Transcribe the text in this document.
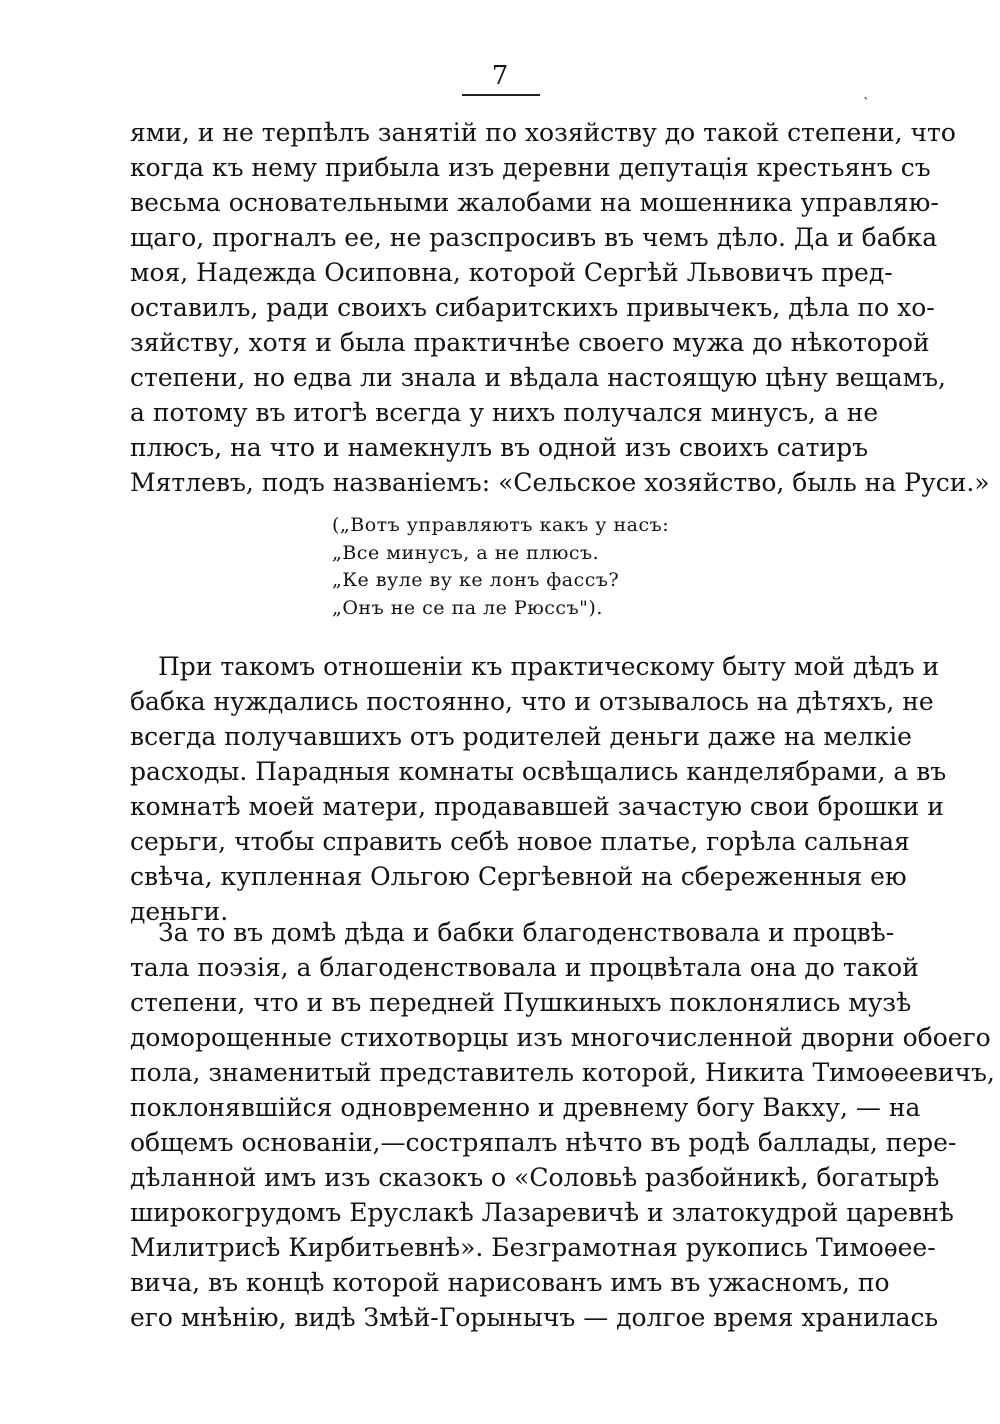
7
`
ями, и не терпѣлъ занятій по хозяйству до такой степени, что
когда къ нему прибыла изъ деревни депутація крестьянъ съ
весьма основательными жалобами на мошенника управляю-
щаго, прогналъ ее, не разспросивъ въ чемъ дѣло. Да и бабка
моя, Надежда Осиповна, которой Сергѣй Львовичъ пред-
оставилъ, ради своихъ сибаритскихъ привычекъ, дѣла по хо-
зяйству, хотя и была практичнѣе своего мужа до нѣкоторой
степени, но едва ли знала и вѣдала настоящую цѣну вещамъ,
а потому въ итогѣ всегда у нихъ получался минусъ, а не
плюсъ, на что и намекнулъ въ одной изъ своихъ сатиръ
Мятлевъ, подъ названіемъ: «Сельское хозяйство, быль на Руси.»
(„Вотъ управляютъ какъ у насъ:
„Все минусъ, а не плюсъ.
„Ке вуле ву ке лонъ фассъ?
„Онъ не се па ле Рюссъ").
При такомъ отношеніи къ практическому быту мой дѣдъ и
бабка нуждались постоянно, что и отзывалось на дѣтяхъ, не
всегда получавшихъ отъ родителей деньги даже на мелкіе
расходы. Парадныя комнаты освѣщались канделябрами, а въ
комнатѣ моей матери, продававшей зачастую свои брошки и
серьги, чтобы справить себѣ новое платье, горѣла сальная
свѣча, купленная Ольгою Сергѣевной на сбереженныя ею
деньги.
За то въ домѣ дѣда и бабки благоденствовала и процвѣ-
тала поэзія, а благоденствовала и процвѣтала она до такой
степени, что и въ передней Пушкиныхъ поклонялись музѣ
доморощенные стихотворцы изъ многочисленной дворни обоего
пола, знаменитый представитель которой, Никита Тимоѳеевичъ,
поклонявшійся одновременно и древнему богу Вакху, — на
общемъ основаніи,—состряпалъ нѣчто въ родѣ баллады, пере-
дѣланной имъ изъ сказокъ о «Соловьѣ разбойникѣ, богатырѣ
широкогрудомъ Еруслакѣ Лазаревичѣ и златокудрой царевнѣ
Милитрисѣ Кирбитьевнѣ». Безграмотная рукопись Тимоѳеe-
вича, въ концѣ которой нарисованъ имъ въ ужасномъ, по
его мнѣнію, видѣ Змѣй-Горынычъ — долгое время хранилась
